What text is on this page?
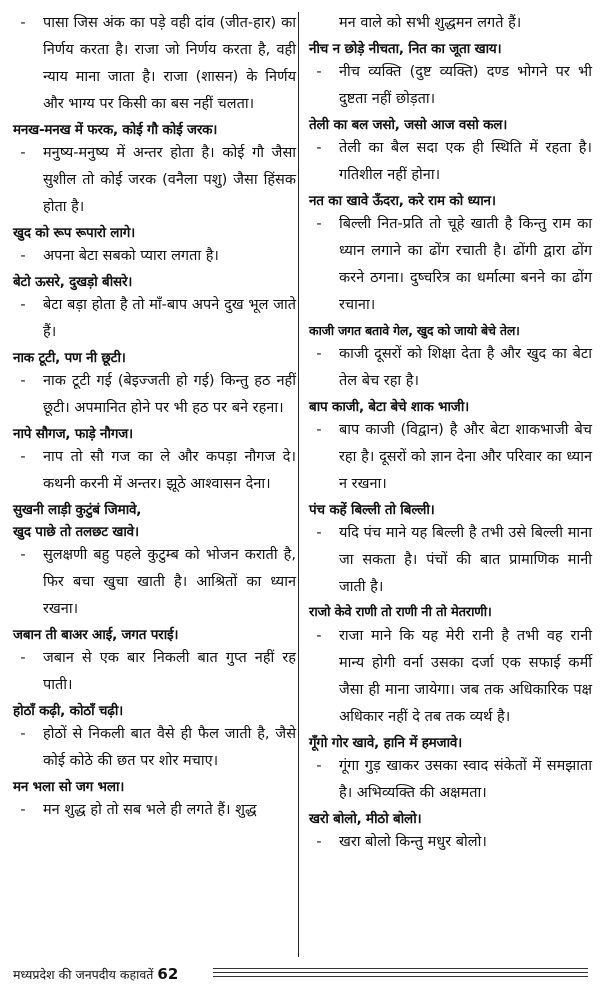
-	पासा जिस अंक का पड़े वही दांव (जीत-हार) का निर्णय करता है। राजा जो निर्णय करता है, वही न्याय माना जाता है। राजा (शासन) के निर्णय और भाग्य पर किसी का बस नहीं चलता।
मनख-मनख में फरक, कोई गौ कोई जरक।
-	मनुष्य-मनुष्य में अन्तर होता है। कोई गौ जैसा सुशील तो कोई जरक (वनैला पशु) जैसा हिंसक होता है।
खुद को रूप रूपारो लागे।
-	अपना बेटा सबको प्यारा लगता है।
बेटो ऊसरे, दुखड़ो बीसरे।
-	बेटा बड़ा होता है तो माँ-बाप अपने दुख भूल जाते हैं।
नाक टूटी, पण नी छूटी।
-	नाक टूटी गई (बेइज्जती हो गई) किन्तु हठ नहीं छूटी। अपमानित होने पर भी हठ पर बने रहना।
नापे सौगज, फाड़े नौगज।
-	नाप तो सौ गज का ले और कपड़ा नौगज दे। कथनी करनी में अन्तर। झूठे आश्वासन देना।
सुखनी लाड़ी कुटुंबं जिमावे,
खुद पाछे तो तलछट खावे।
-	सुलक्षणी बहु पहले कुटुम्ब को भोजन कराती है, फिर बचा खुचा खाती है। आश्रितों का ध्यान रखना।
जबान ती बाअर आई, जगत पराई।
-	जबान से एक बार निकली बात गुप्त नहीं रह पाती।
होठाँ कढ़ी, कोठाँ चढ़ी।
-	होठों से निकली बात वैसे ही फैल जाती है, जैसे कोई कोठे की छत पर शोर मचाए।
मन भला सो जग भला।
-	मन शुद्ध हो तो सब भले ही लगते हैं। शुद्ध
मन वाले को सभी शुद्धमन लगते हैं।
नीच न छोड़े नीचता, नित का जूता खाय।
-	नीच व्यक्ति (दुष्ट व्यक्ति) दण्ड भोगने पर भी दुष्टता नहीं छोड़ता।
तेली का बल जसो, जसो आज वसो कल।
-	तेली का बैल सदा एक ही स्थिति में रहता है। गतिशील नहीं होना।
नत का खावे ऊँदरा, करे राम को ध्यान।
-	बिल्ली नित-प्रति तो चूहे खाती है किन्तु राम का ध्यान लगाने का ढोंग रचाती है। ढोंगी द्वारा ढोंग करने ठगना। दुष्चरित्र का धर्मात्मा बनने का ढोंग रचाना।
काजी जगत बतावे गेल, खुद को जायो बेचे तेल।
-	काजी दूसरों को शिक्षा देता है और खुद का बेटा तेल बेच रहा है।
बाप काजी, बेटा बेचे शाक भाजी।
-	बाप काजी (विद्वान) है और बेटा शाकभाजी बेच रहा है। दूसरों को ज्ञान देना और परिवार का ध्यान न रखना।
पंच कहें बिल्ली तो बिल्ली।
-	यदि पंच माने यह बिल्ली है तभी उसे बिल्ली माना जा सकता है। पंचों की बात प्रामाणिक मानी जाती है।
राजो केवे राणी तो राणी नी तो मेतराणी।
-	राजा माने कि यह मेरी रानी है तभी वह रानी मान्य होगी वर्ना उसका दर्जा एक सफाई कर्मी जैसा ही माना जायेगा। जब तक अधिकारिक पक्ष अधिकार नहीं दे तब तक व्यर्थ है।
गूँगो गोर खावे, हानि में हमजावे।
-	गूंगा गुड़ खाकर उसका स्वाद संकेतों में समझाता है। अभिव्यक्ति की अक्षमता।
खरो बोलो, मीठो बोलो।
-	खरा बोलो किन्तु मधुर बोलो।
मध्यप्रदेश की जनपदीय कहावतें 62
